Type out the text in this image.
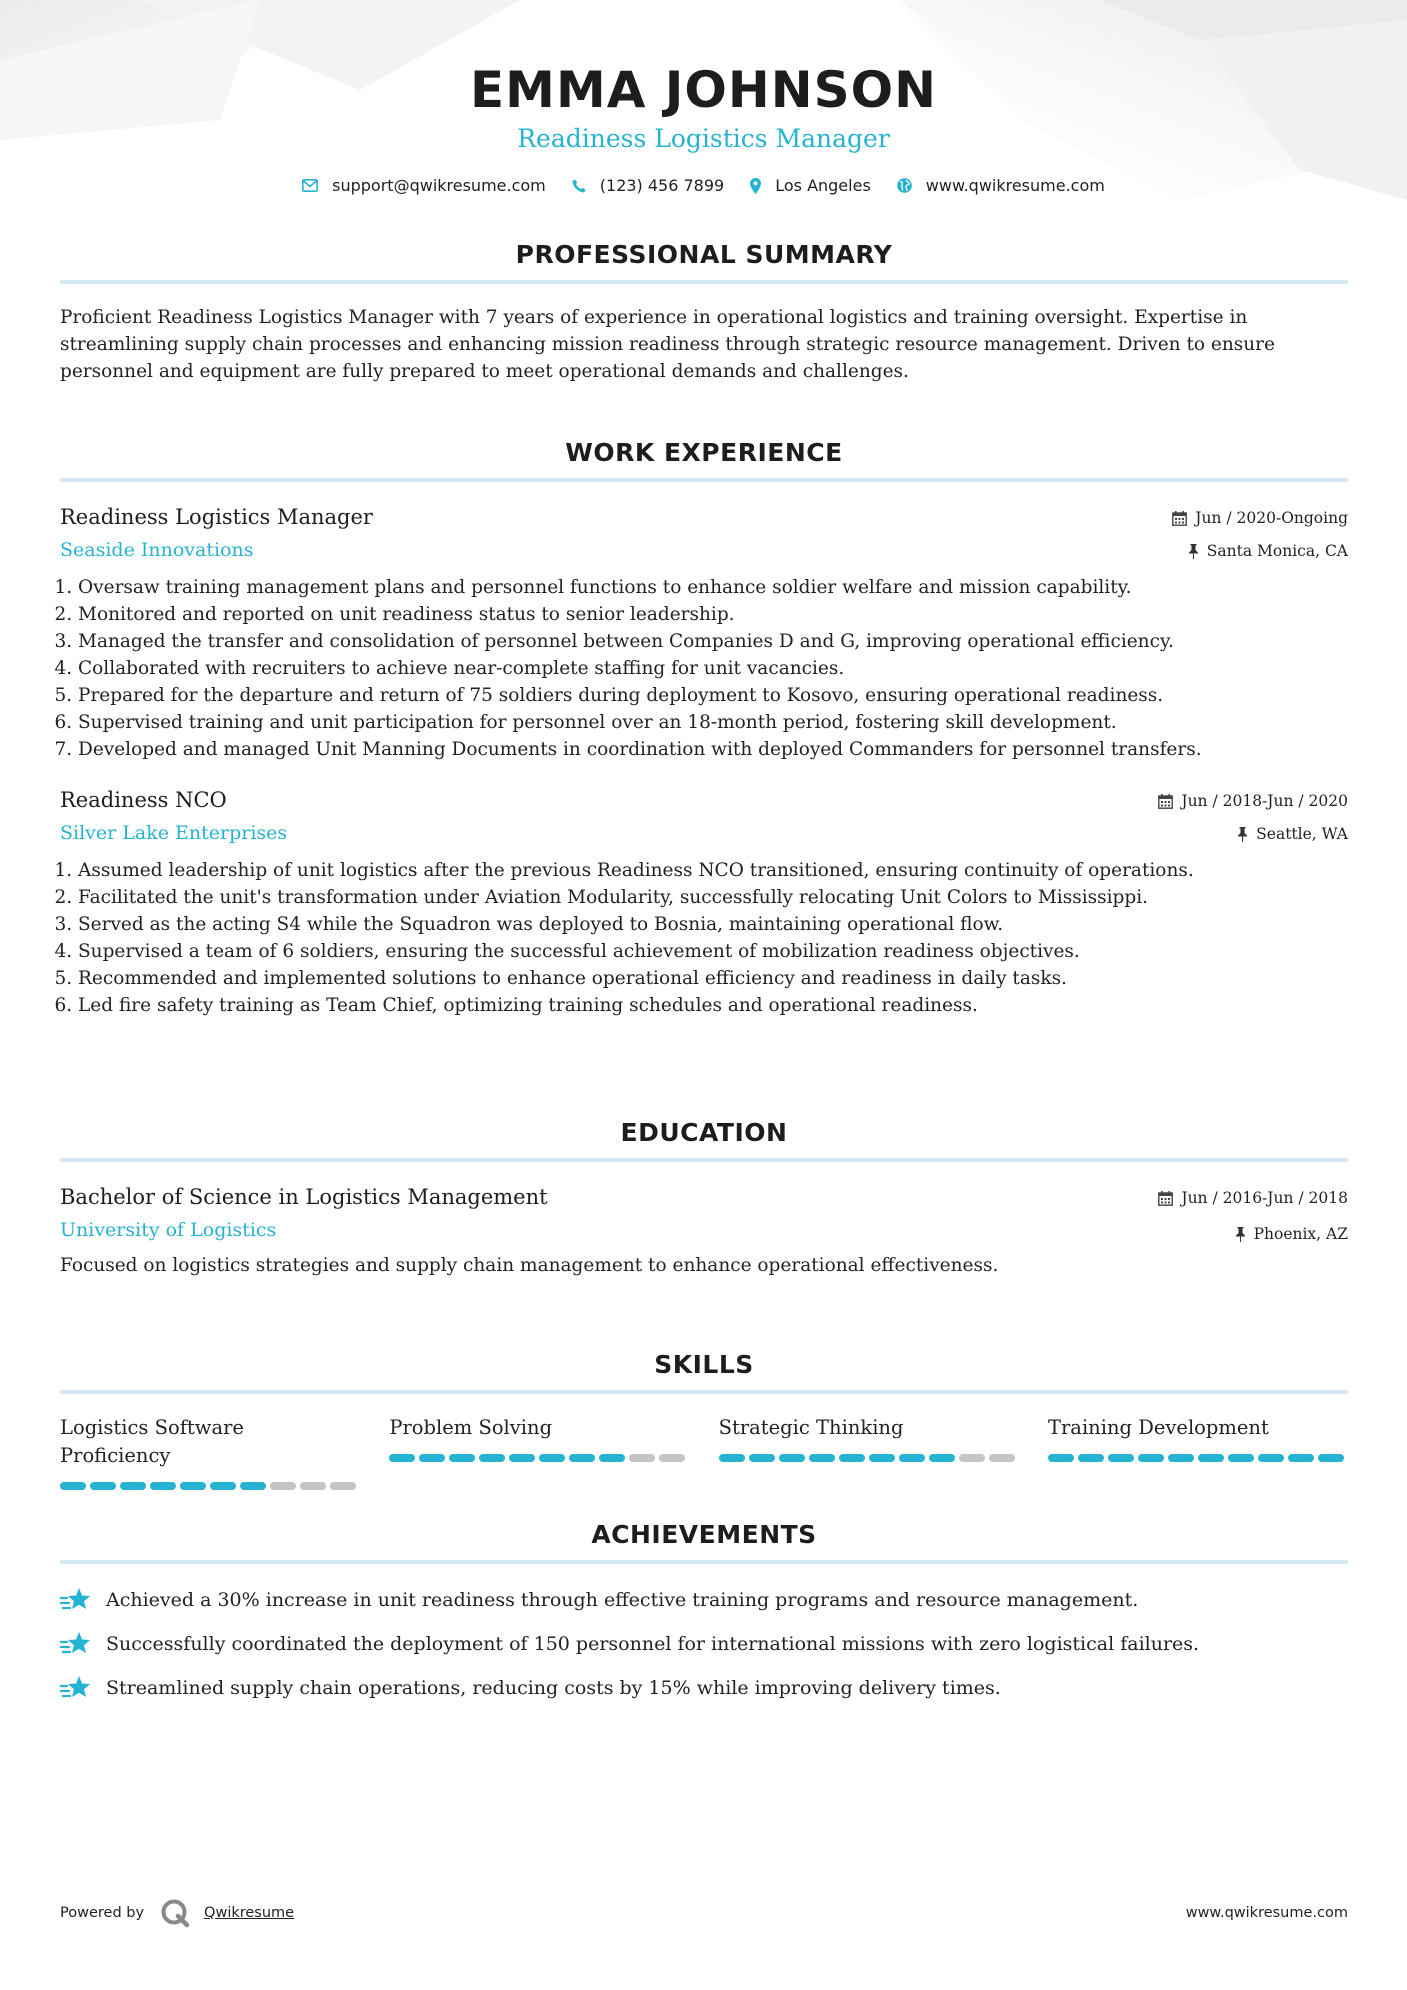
EMMA JOHNSON
Readiness Logistics Manager
support@qwikresume.com	(123) 456 7899	Los Angeles	www.qwikresume.com
PROFESSIONAL SUMMARY
Proficient Readiness Logistics Manager with 7 years of experience in operational logistics and training oversight. Expertise in streamlining supply chain processes and enhancing mission readiness through strategic resource management. Driven to ensure personnel and equipment are fully prepared to meet operational demands and challenges.
WORK EXPERIENCE
Readiness Logistics Manager
Seaside Innovations
Jun / 2020-Ongoing
Santa Monica, CA
1. Oversaw training management plans and personnel functions to enhance soldier welfare and mission capability.
2. Monitored and reported on unit readiness status to senior leadership.
3. Managed the transfer and consolidation of personnel between Companies D and G, improving operational efficiency.
4. Collaborated with recruiters to achieve near-complete staffing for unit vacancies.
5. Prepared for the departure and return of 75 soldiers during deployment to Kosovo, ensuring operational readiness.
6. Supervised training and unit participation for personnel over an 18-month period, fostering skill development.
7. Developed and managed Unit Manning Documents in coordination with deployed Commanders for personnel transfers.
Readiness NCO
Silver Lake Enterprises
Jun / 2018-Jun / 2020
Seattle, WA
1. Assumed leadership of unit logistics after the previous Readiness NCO transitioned, ensuring continuity of operations.
2. Facilitated the unit's transformation under Aviation Modularity, successfully relocating Unit Colors to Mississippi.
3. Served as the acting S4 while the Squadron was deployed to Bosnia, maintaining operational flow.
4. Supervised a team of 6 soldiers, ensuring the successful achievement of mobilization readiness objectives.
5. Recommended and implemented solutions to enhance operational efficiency and readiness in daily tasks.
6. Led fire safety training as Team Chief, optimizing training schedules and operational readiness.
EDUCATION
Bachelor of Science in Logistics Management
University of Logistics
Jun / 2016-Jun / 2018
Phoenix, AZ
Focused on logistics strategies and supply chain management to enhance operational effectiveness.
SKILLS
Logistics Software Proficiency
Problem Solving	Strategic Thinking	Training Development
ACHIEVEMENTS
Achieved a 30% increase in unit readiness through effective training programs and resource management.
Successfully coordinated the deployment of 150 personnel for international missions with zero logistical failures.
Streamlined supply chain operations, reducing costs by 15% while improving delivery times.
Powered by	Qwikresume	www.qwikresume.com
